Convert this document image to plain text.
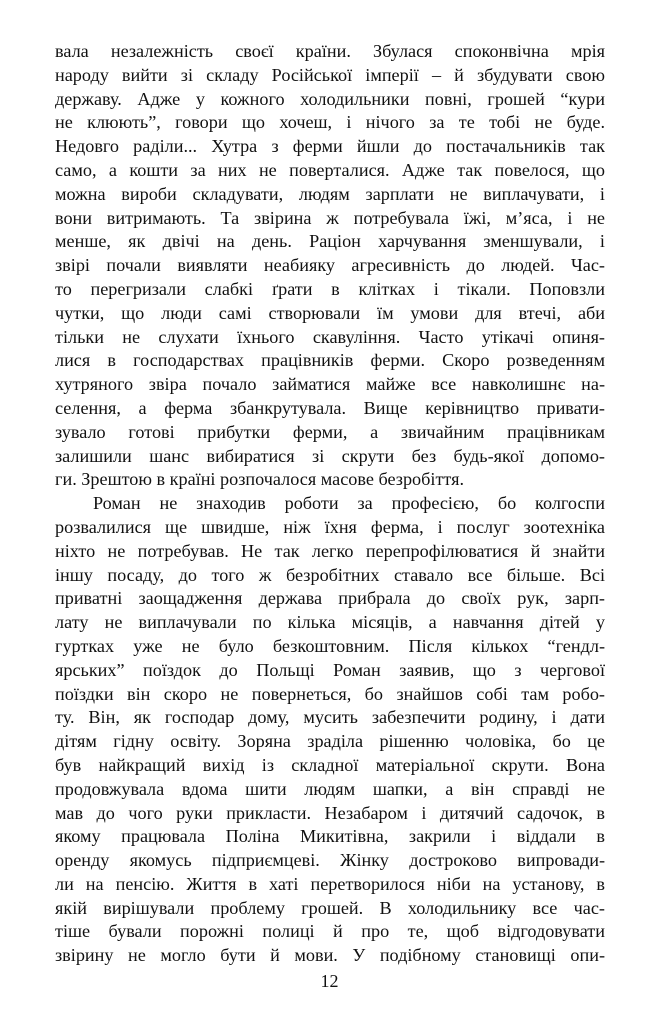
вала незалежність своєї країни. Збулася споконвічна мрія
народу вийти зі складу Російської імперії – й збудувати свою
державу. Адже у кожного холодильники повні, грошей “кури
не клюють”, говори що хочеш, і нічого за те тобі не буде.
Недовго раділи... Хутра з ферми йшли до постачальників так
само, а кошти за них не поверталися. Адже так повелося, що
можна вироби складувати, людям зарплати не виплачувати, і
вони витримають. Та звірина ж потребувала їжі, м’яса, і не
менше, як двічі на день. Раціон харчування зменшували, і
звірі почали виявляти неабияку агресивність до людей. Час-
то перегризали слабкі ґрати в клітках і тікали. Поповзли
чутки, що люди самі створювали їм умови для втечі, аби
тільки не слухати їхнього скавуління. Часто утікачі опиня-
лися в господарствах працівників ферми. Скоро розведенням
хутряного звіра почало займатися майже все навколишнє на-
селення, а ферма збанкрутувала. Вище керівництво привати-
зувало готові прибутки ферми, а звичайним працівникам
залишили шанс вибиратися зі скрути без будь-якої допомо-
ги. Зрештою в країні розпочалося масове безробіття.

Роман не знаходив роботи за професією, бо колгоспи
розвалилися ще швидше, ніж їхня ферма, і послуг зоотехніка
ніхто не потребував. Не так легко перепрофілюватися й знайти
іншу посаду, до того ж безробітних ставало все більше. Всі
приватні заощадження держава прибрала до своїх рук, зарп-
лату не виплачували по кілька місяців, а навчання дітей у
гуртках уже не було безкоштовним. Після кількох “гендл-
ярських” поїздок до Польщі Роман заявив, що з чергової
поїздки він скоро не повернеться, бо знайшов собі там робо-
ту. Він, як господар дому, мусить забезпечити родину, і дати
дітям гідну освіту. Зоряна зраділа рішенню чоловіка, бо це
був найкращий вихід із складної матеріальної скрути. Вона
продовжувала вдома шити людям шапки, а він справді не
мав до чого руки прикласти. Незабаром і дитячий садочок, в
якому працювала Поліна Микитівна, закрили і віддали в
оренду якомусь підприємцеві. Жінку достроково випровади-
ли на пенсію. Життя в хаті перетворилося ніби на установу, в
якій вирішували проблему грошей. В холодильнику все час-
тіше бували порожні полиці й про те, щоб відгодовувати
звірину не могло бути й мови. У подібному становищі опи-

12
